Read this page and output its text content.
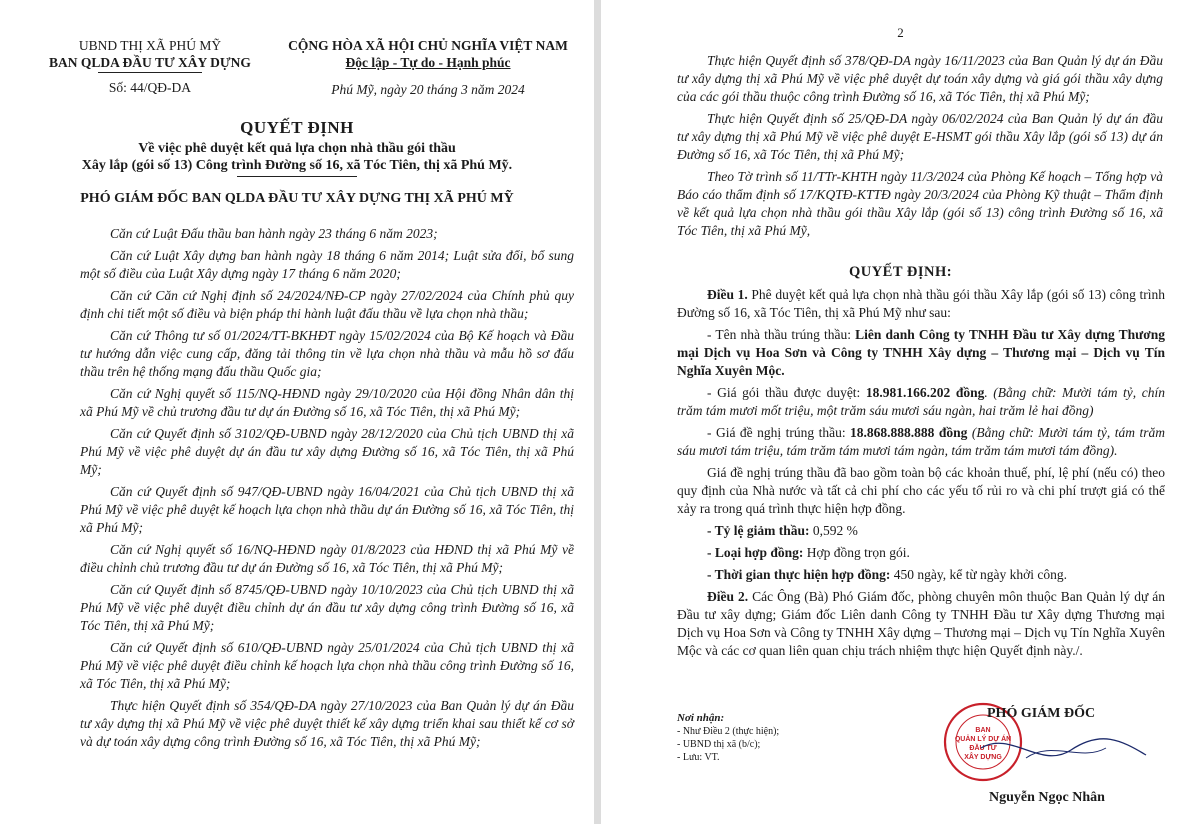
UBND THỊ XÃ PHÚ MỸ
BAN QLDA ĐẦU TƯ XÂY DỰNG
Số: 44/QĐ-DA
CỘNG HÒA XÃ HỘI CHỦ NGHĨA VIỆT NAM
Độc lập - Tự do - Hạnh phúc
Phú Mỹ, ngày 20 tháng 3 năm 2024
QUYẾT ĐỊNH
Về việc phê duyệt kết quả lựa chọn nhà thầu gói thầu
Xây lắp (gói số 13) Công trình Đường số 16, xã Tóc Tiên, thị xã Phú Mỹ.
PHÓ GIÁM ĐỐC BAN QLDA ĐẦU TƯ XÂY DỰNG THỊ XÃ PHÚ MỸ

Căn cứ Luật Đấu thầu ban hành ngày 23 tháng 6 năm 2023;

Căn cứ Luật Xây dựng ban hành ngày 18 tháng 6 năm 2014; Luật sửa đổi, bổ sung một số điều của Luật Xây dựng ngày 17 tháng 6 năm 2020;

Căn cứ Căn cứ Nghị định số 24/2024/NĐ-CP ngày 27/02/2024 của Chính phủ quy định chi tiết một số điều và biện pháp thi hành luật đấu thầu về lựa chọn nhà thầu;

Căn cứ Thông tư số 01/2024/TT-BKHĐT ngày 15/02/2024 của Bộ Kế hoạch và Đầu tư hướng dẫn việc cung cấp, đăng tải thông tin về lựa chọn nhà thầu và mẫu hồ sơ đấu thầu trên hệ thống mạng đấu thầu Quốc gia;

Căn cứ Nghị quyết số 115/NQ-HĐND ngày 29/10/2020 của Hội đồng Nhân dân thị xã Phú Mỹ về chủ trương đầu tư dự án Đường số 16, xã Tóc Tiên, thị xã Phú Mỹ;

Căn cứ Quyết định số 3102/QĐ-UBND ngày 28/12/2020 của Chủ tịch UBND thị xã Phú Mỹ về việc phê duyệt dự án đầu tư xây dựng Đường số 16, xã Tóc Tiên, thị xã Phú Mỹ;

Căn cứ Quyết định số 947/QĐ-UBND ngày 16/04/2021 của Chủ tịch UBND thị xã Phú Mỹ về việc phê duyệt kế hoạch lựa chọn nhà thầu dự án Đường số 16, xã Tóc Tiên, thị xã Phú Mỹ;

Căn cứ Nghị quyết số 16/NQ-HĐND ngày 01/8/2023 của HĐND thị xã Phú Mỹ về điều chỉnh chủ trương đầu tư dự án Đường số 16, xã Tóc Tiên, thị xã Phú Mỹ;

Căn cứ Quyết định số 8745/QĐ-UBND ngày 10/10/2023 của Chủ tịch UBND thị xã Phú Mỹ về việc phê duyệt điều chỉnh dự án đầu tư xây dựng công trình Đường số 16, xã Tóc Tiên, thị xã Phú Mỹ;

Căn cứ Quyết định số 610/QĐ-UBND ngày 25/01/2024 của Chủ tịch UBND thị xã Phú Mỹ về việc phê duyệt điều chỉnh kế hoạch lựa chọn nhà thầu công trình Đường số 16, xã Tóc Tiên, thị xã Phú Mỹ;

Thực hiện Quyết định số 354/QĐ-DA ngày 27/10/2023 của Ban Quản lý dự án Đầu tư xây dựng thị xã Phú Mỹ về việc phê duyệt thiết kế xây dựng triển khai sau thiết kế cơ sở và dự toán xây dựng công trình Đường số 16, xã Tóc Tiên, thị xã Phú Mỹ;

2

Thực hiện Quyết định số 378/QĐ-DA ngày 16/11/2023 của Ban Quản lý dự án Đầu tư xây dựng thị xã Phú Mỹ về việc phê duyệt dự toán xây dựng và giá gói thầu xây dựng của các gói thầu thuộc công trình Đường số 16, xã Tóc Tiên, thị xã Phú Mỹ;

Thực hiện Quyết định số 25/QĐ-DA ngày 06/02/2024 của Ban Quản lý dự án đầu tư xây dựng thị xã Phú Mỹ về việc phê duyệt E-HSMT gói thầu Xây lắp (gói số 13) dự án Đường số 16, xã Tóc Tiên, thị xã Phú Mỹ;

Theo Tờ trình số 11/TTr-KHTH ngày 11/3/2024 của Phòng Kế hoạch – Tổng hợp và Báo cáo thẩm định số 17/KQTĐ-KTTĐ ngày 20/3/2024 của Phòng Kỹ thuật – Thẩm định về kết quả lựa chọn nhà thầu gói thầu Xây lắp (gói số 13) công trình Đường số 16, xã Tóc Tiên, thị xã Phú Mỹ,

QUYẾT ĐỊNH:

Điều 1. Phê duyệt kết quả lựa chọn nhà thầu gói thầu Xây lắp (gói số 13) công trình Đường số 16, xã Tóc Tiên, thị xã Phú Mỹ như sau:

- Tên nhà thầu trúng thầu: Liên danh Công ty TNHH Đầu tư Xây dựng Thương mại Dịch vụ Hoa Sơn và Công ty TNHH Xây dựng – Thương mại – Dịch vụ Tín Nghĩa Xuyên Mộc.

- Giá gói thầu được duyệt: 18.981.166.202 đồng. (Bằng chữ: Mười tám tỷ, chín trăm tám mươi mốt triệu, một trăm sáu mươi sáu ngàn, hai trăm lẻ hai đồng)

- Giá đề nghị trúng thầu: 18.868.888.888 đồng (Bằng chữ: Mười tám tỷ, tám trăm sáu mươi tám triệu, tám trăm tám mươi tám ngàn, tám trăm tám mươi tám đồng).

Giá đề nghị trúng thầu đã bao gồm toàn bộ các khoản thuế, phí, lệ phí (nếu có) theo quy định của Nhà nước và tất cả chi phí cho các yếu tố rủi ro và chi phí trượt giá có thể xảy ra trong quá trình thực hiện hợp đồng.

- Tỷ lệ giảm thầu: 0,592 %

- Loại hợp đồng: Hợp đồng trọn gói.

- Thời gian thực hiện hợp đồng: 450 ngày, kể từ ngày khởi công.

Điều 2. Các Ông (Bà) Phó Giám đốc, phòng chuyên môn thuộc Ban Quản lý dự án Đầu tư xây dựng; Giám đốc Liên danh Công ty TNHH Đầu tư Xây dựng Thương mại Dịch vụ Hoa Sơn và Công ty TNHH Xây dựng – Thương mại – Dịch vụ Tín Nghĩa Xuyên Mộc và các cơ quan liên quan chịu trách nhiệm thực hiện Quyết định này./.

Nơi nhận:
- Như Điều 2 (thực hiện);
- UBND thị xã (b/c);
- Lưu: VT.
BAN
QUẢN LÝ DỰ ÁN
ĐẦU TƯ
XÂY DỰNG
PHÓ GIÁM ĐỐC
Nguyễn Ngọc Nhân
